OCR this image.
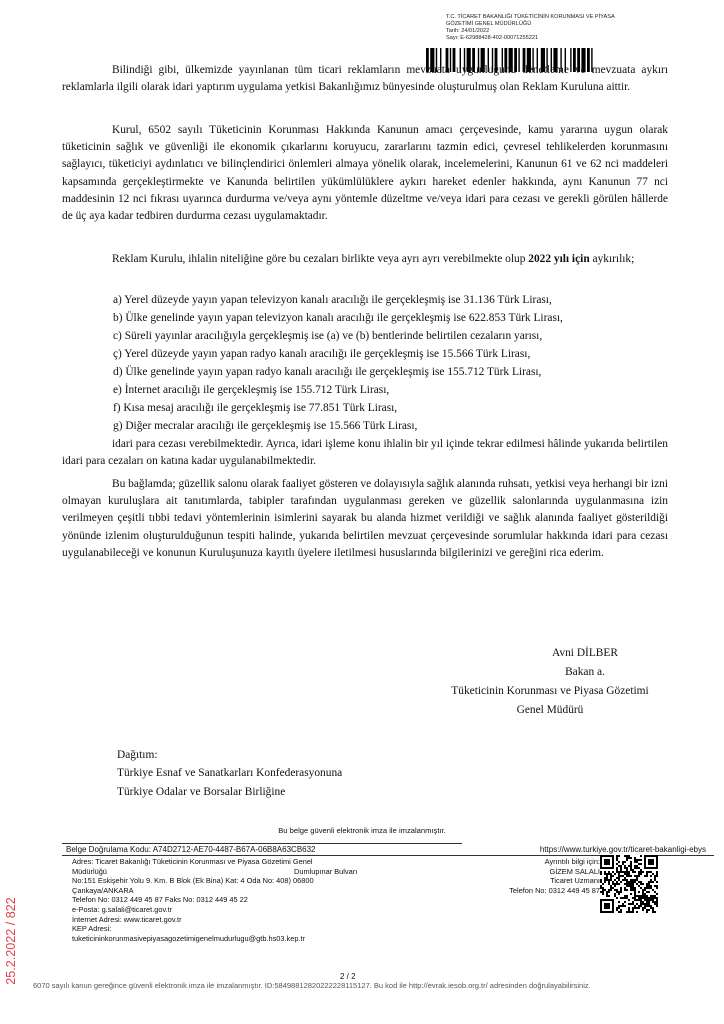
T.C. TİCARET BAKANLIĞI TÜKETİCİNİN KORUNMASI VE PİYASA
GÖZETİMİ GENEL MÜDÜRLÜĞÜ
Tarih: 24/01/2022
Sayı: E-62988428-402-00071255221
Bilindiği gibi, ülkemizde yayınlanan tüm ticari reklamların mevzuata uygunluğunu denetleme ve mevzuata aykırı reklamlarla ilgili olarak idari yaptırım uygulama yetkisi Bakanlığımız bünyesinde oluşturulmuş olan Reklam Kuruluna aittir.
Kurul, 6502 sayılı Tüketicinin Korunması Hakkında Kanunun amacı çerçevesinde, kamu yararına uygun olarak tüketicinin sağlık ve güvenliği ile ekonomik çıkarlarını koruyucu, zararlarını tazmin edici, çevresel tehlikelerden korunmasını sağlayıcı, tüketiciyi aydınlatıcı ve bilinçlendirici önlemleri almaya yönelik olarak, incelemelerini, Kanunun 61 ve 62 nci maddeleri kapsamında gerçekleştirmekte ve Kanunda belirtilen yükümlülüklere aykırı hareket edenler hakkında, aynı Kanunun 77 nci maddesinin 12 nci fıkrası uyarınca durdurma ve/veya aynı yöntemle düzeltme ve/veya idari para cezası ve gerekli görülen hâllerde de üç aya kadar tedbiren durdurma cezası uygulamaktadır.
Reklam Kurulu, ihlalin niteliğine göre bu cezaları birlikte veya ayrı ayrı verebilmekte olup 2022 yılı için aykırılık;
a) Yerel düzeyde yayın yapan televizyon kanalı aracılığı ile gerçekleşmiş ise 31.136 Türk Lirası,
b) Ülke genelinde yayın yapan televizyon kanalı aracılığı ile gerçekleşmiş ise 622.853 Türk Lirası,
c) Süreli yayınlar aracılığıyla gerçekleşmiş ise (a) ve (b) bentlerinde belirtilen cezaların yarısı,
ç) Yerel düzeyde yayın yapan radyo kanalı aracılığı ile gerçekleşmiş ise 15.566 Türk Lirası,
d) Ülke genelinde yayın yapan radyo kanalı aracılığı ile gerçekleşmiş ise 155.712 Türk Lirası,
e) İnternet aracılığı ile gerçekleşmiş ise 155.712 Türk Lirası,
f) Kısa mesaj aracılığı ile gerçekleşmiş ise 77.851 Türk Lirası,
g) Diğer mecralar aracılığı ile gerçekleşmiş ise 15.566 Türk Lirası,
idari para cezası verebilmektedir. Ayrıca, idari işleme konu ihlalin bir yıl içinde tekrar edilmesi hâlinde yukarıda belirtilen idari para cezaları on katına kadar uygulanabilmektedir.
Bu bağlamda; güzellik salonu olarak faaliyet gösteren ve dolayısıyla sağlık alanında ruhsatı, yetkisi veya herhangi bir izni olmayan kuruluşlara ait tanıtımlarda, tabipler tarafından uygulanması gereken ve güzellik salonlarında uygulanmasına izin verilmeyen çeşitli tıbbi tedavi yöntemlerinin isimlerini sayarak bu alanda hizmet verildiği ve sağlık alanında faaliyet gösterildiği yönünde izlenim oluşturulduğunun tespiti halinde, yukarıda belirtilen mevzuat çerçevesinde sorumlular hakkında idari para cezası uygulanabileceği ve konunun Kuruluşunuza kayıtlı üyelere iletilmesi hususlarında bilgilerinizi ve gereğini rica ederim.
Avni DİLBER
Bakan a.
Tüketicinin Korunması ve Piyasa Gözetimi
Genel Müdürü
Dağıtım:
Türkiye Esnaf ve Sanatkarları Konfederasyonuna
Türkiye Odalar ve Borsalar Birliğine
Bu belge güvenli elektronik imza ile imzalanmıştır.
Belge Doğrulama Kodu: A74D2712-AE70-4487-B67A-06B8A63CB632	https://www.turkiye.gov.tr/ticaret-bakanligi-ebys
Adres: Ticaret Bakanlığı Tüketicinin Korunması ve Piyasa Gözetimi Genel
Müdürlüğü	Dumlupınar Bulvarı
No:151 Eskişehir Yolu 9. Km. B Blok (Ek Bina) Kat: 4 Oda No: 408) 06800
Çankaya/ANKARA
Telefon No: 0312 449 45 87 Faks No: 0312 449 45 22
e-Posta: g.salali@ticaret.gov.tr
İnternet Adresi: www.ticaret.gov.tr
KEP Adresi:
tuketicininkorunmasivepiyasagozetimigenelmudurlugu@gtb.hs03.kep.tr
Ayrıntılı bilgi için:
GİZEM SALALI
Ticaret Uzmanı
Telefon No: 0312 449 45 87
2 / 2
25.2.2022 / 822
6070 sayılı kanun gereğince güvenli elektronik imza ile imzalanmıştır. ID:58498812820222228115127. Bu kod ile http://evrak.iesob.org.tr/ adresinden doğrulayabilirsiniz.
